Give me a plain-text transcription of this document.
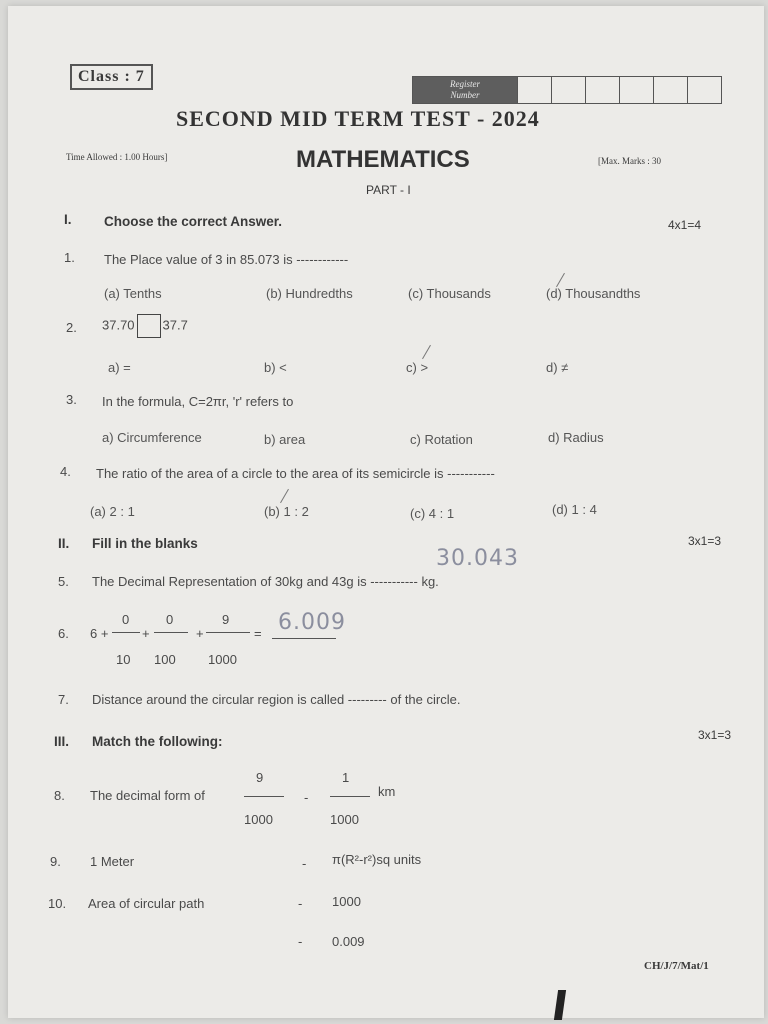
Class : 7	Register
Number
SECOND MID TERM TEST - 2024
Time Allowed : 1.00 Hours]	MATHEMATICS	[Max. Marks : 30
PART - I
I. Choose the correct Answer.	4x1=4
1. The Place value of 3 in 85.073 is ------------
(a) Tenths	(b) Hundredths	(c) Thousands	(d) Thousandths
2. 37.70 37.7
a) =	b) <	c) >	d) ≠
3. In the formula, C=2πr, 'r' refers to
a) Circumference	b) area	c) Rotation	d) Radius
4. The ratio of the area of a circle to the area of its semicircle is -----------
(a) 2 : 1	(b) 1 : 2	(c) 4 : 1	(d) 1 : 4
II. Fill in the blanks	3x1=3
30.043
5. The Decimal Representation of 30kg and 43g is ----------- kg.
6. 6 +
0
10
+
0
100
+
9
1000
= 6.009
7. Distance around the circular region is called --------- of the circle.
III. Match the following:	3x1=3
8. The decimal form of
9
1000
-
1
1000
km
9. 1 Meter	- π(R²-r²)sq units
10. Area of circular path	- 1000
- 0.009
CH/J/7/Mat/1
